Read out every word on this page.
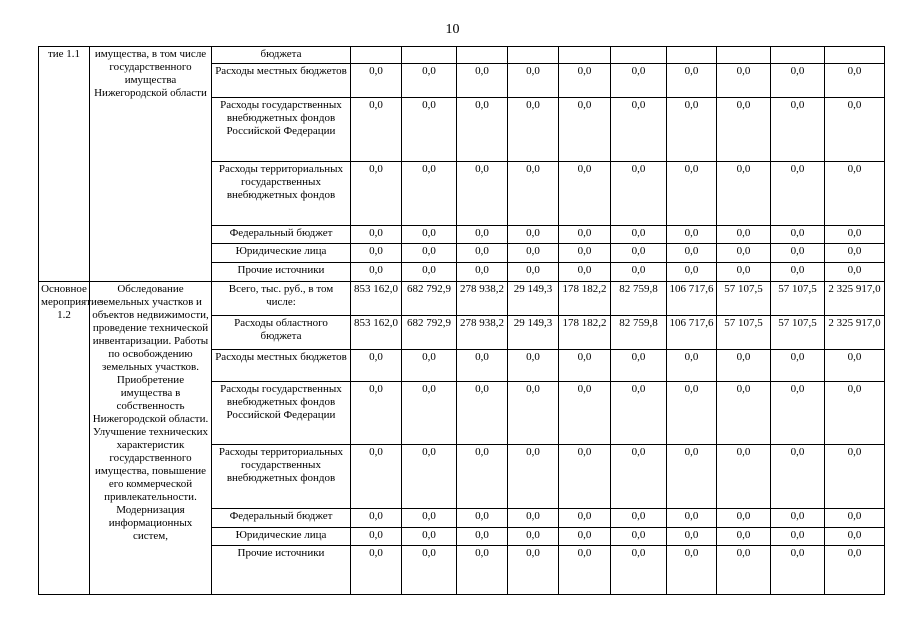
10
тие 1.1	имущества, в том числе государственного имущества Нижегородской области	бюджета										
		Расходы местных бюджетов	0,0	0,0	0,0	0,0	0,0	0,0	0,0	0,0	0,0	0,0
		Расходы государственных внебюджетных фондов Российской Федерации	0,0	0,0	0,0	0,0	0,0	0,0	0,0	0,0	0,0	0,0
		Расходы территориальных государственных внебюджетных фондов	0,0	0,0	0,0	0,0	0,0	0,0	0,0	0,0	0,0	0,0
		Федеральный бюджет	0,0	0,0	0,0	0,0	0,0	0,0	0,0	0,0	0,0	0,0
		Юридические лица	0,0	0,0	0,0	0,0	0,0	0,0	0,0	0,0	0,0	0,0
		Прочие источники	0,0	0,0	0,0	0,0	0,0	0,0	0,0	0,0	0,0	0,0
Основное мероприятие 1.2	Обследование земельных участков и объектов недвижимости, проведение технической инвентаризации. Работы по освобождению земельных участков. Приобретение имущества в собственность Нижегородской области. Улучшение технических характеристик государственного имущества, повышение его коммерческой привлекательности. Модернизация информационных систем,	Всего, тыс. руб., в том числе:	853 162,0	682 792,9	278 938,2	29 149,3	178 182,2	82 759,8	106 717,6	57 107,5	57 107,5	2 325 917,0
		Расходы областного бюджета	853 162,0	682 792,9	278 938,2	29 149,3	178 182,2	82 759,8	106 717,6	57 107,5	57 107,5	2 325 917,0
		Расходы местных бюджетов	0,0	0,0	0,0	0,0	0,0	0,0	0,0	0,0	0,0	0,0
		Расходы государственных внебюджетных фондов Российской Федерации	0,0	0,0	0,0	0,0	0,0	0,0	0,0	0,0	0,0	0,0
		Расходы территориальных государственных внебюджетных фондов	0,0	0,0	0,0	0,0	0,0	0,0	0,0	0,0	0,0	0,0
		Федеральный бюджет	0,0	0,0	0,0	0,0	0,0	0,0	0,0	0,0	0,0	0,0
		Юридические лица	0,0	0,0	0,0	0,0	0,0	0,0	0,0	0,0	0,0	0,0
		Прочие источники	0,0	0,0	0,0	0,0	0,0	0,0	0,0	0,0	0,0	0,0
